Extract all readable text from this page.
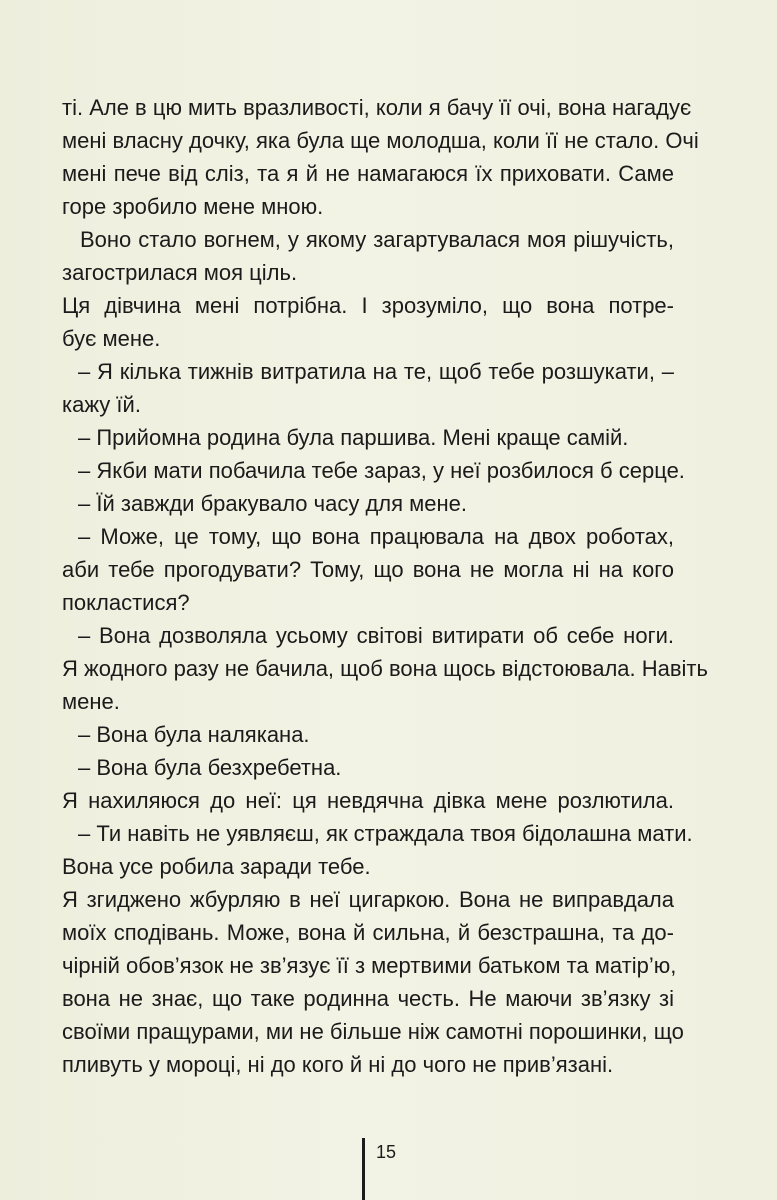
ті. Але в цю мить вразливості, коли я бачу її очі, вона нагадує
мені власну дочку, яка була ще молодша, коли її не стало. Очі
мені пече від сліз, та я й не намагаюся їх приховати. Саме
горе зробило мене мною.
Воно стало вогнем, у якому загартувалася моя рішучість,
загострилася моя ціль.
Ця дівчина мені потрібна. І зрозуміло, що вона потре-
бує мене.
– Я кілька тижнів витратила на те, щоб тебе розшукати, –
кажу їй.
– Прийомна родина була паршива. Мені краще самій.
– Якби мати побачила тебе зараз, у неї розбилося б серце.
– Їй завжди бракувало часу для мене.
– Може, це тому, що вона працювала на двох роботах,
аби тебе прогодувати? Тому, що вона не могла ні на кого
покластися?
– Вона дозволяла усьому світові витирати об себе ноги.
Я жодного разу не бачила, щоб вона щось відстоювала. Навіть
мене.
– Вона була налякана.
– Вона була безхребетна.
Я нахиляюся до неї: ця невдячна дівка мене розлютила.
– Ти навіть не уявляєш, як страждала твоя бідолашна мати.
Вона усе робила заради тебе.
Я згиджено жбурляю в неї цигаркою. Вона не виправдала
моїх сподівань. Може, вона й сильна, й безстрашна, та до-
чірній обов’язок не зв’язує її з мертвими батьком та матір’ю,
вона не знає, що таке родинна честь. Не маючи зв’язку зі
своїми пращурами, ми не більше ніж самотні порошинки, що
пливуть у мороці, ні до кого й ні до чого не прив’язані.
15
